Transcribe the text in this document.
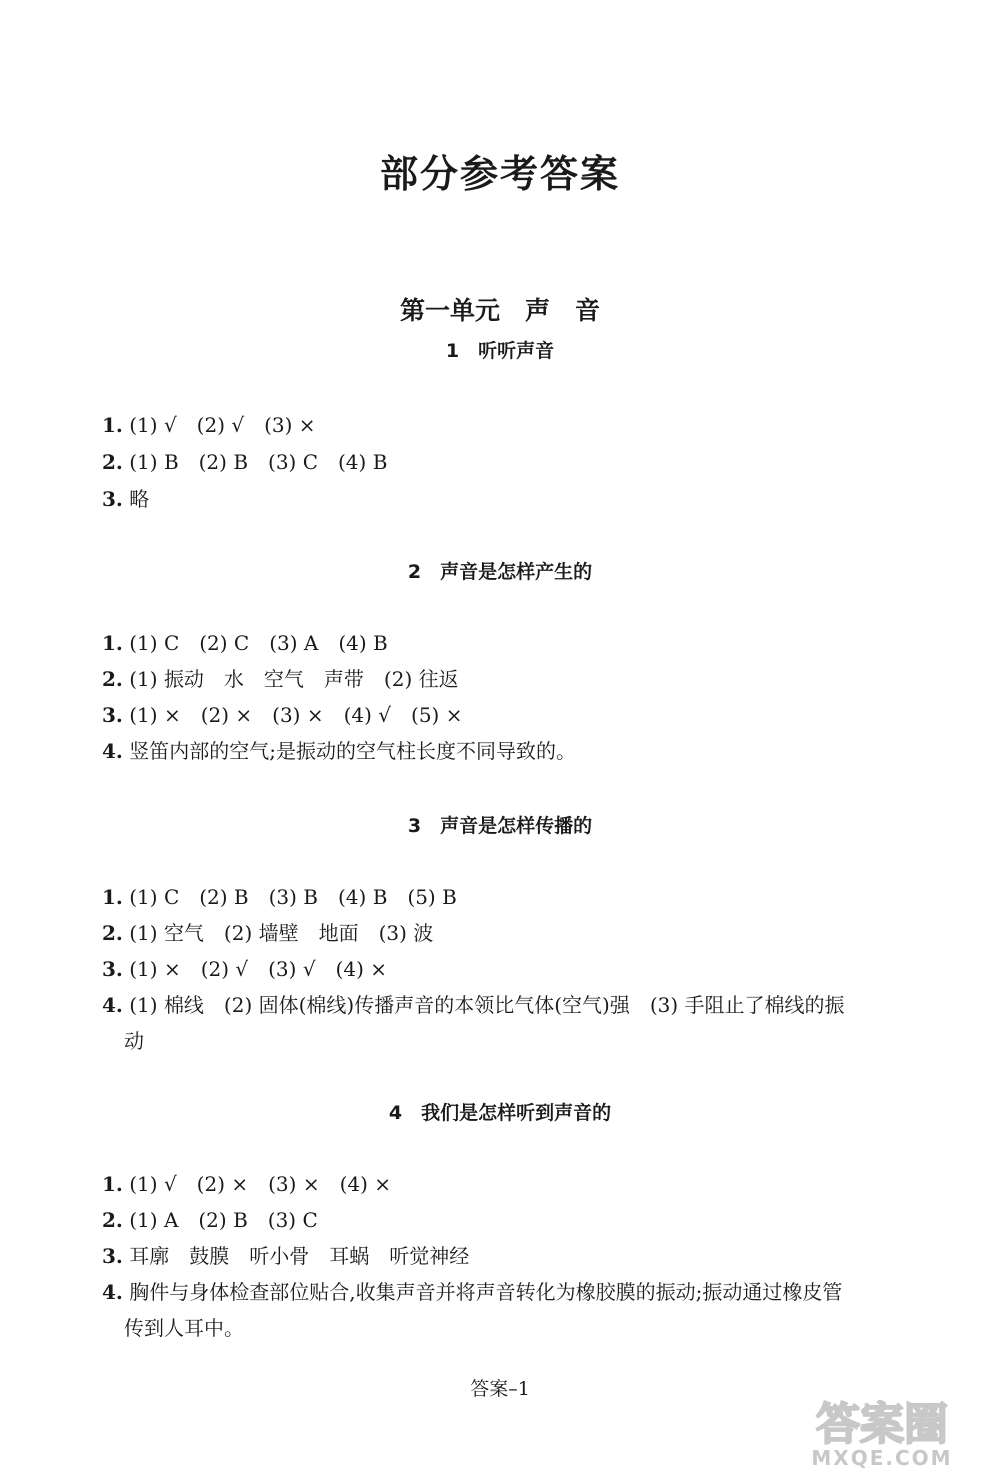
部分参考答案
第一单元　声　音
1　听听声音
1. (1) √　(2) √　(3) ×
2. (1) B　(2) B　(3) C　(4) B
3. 略
2　声音是怎样产生的
1. (1) C　(2) C　(3) A　(4) B
2. (1) 振动　水　空气　声带　(2) 往返
3. (1) ×　(2) ×　(3) ×　(4) √　(5) ×
4. 竖笛内部的空气;是振动的空气柱长度不同导致的。
3　声音是怎样传播的
1. (1) C　(2) B　(3) B　(4) B　(5) B
2. (1) 空气　(2) 墙壁　地面　(3) 波
3. (1) ×　(2) √　(3) √　(4) ×
4. (1) 棉线　(2) 固体(棉线)传播声音的本领比气体(空气)强　(3) 手阻止了棉线的振
动
4　我们是怎样听到声音的
1. (1) √　(2) ×　(3) ×　(4) ×
2. (1) A　(2) B　(3) C
3. 耳廓　鼓膜　听小骨　耳蜗　听觉神经
4. 胸件与身体检查部位贴合,收集声音并将声音转化为橡胶膜的振动;振动通过橡皮管
传到人耳中。
答案–1
答案圈
MXQE.COM
